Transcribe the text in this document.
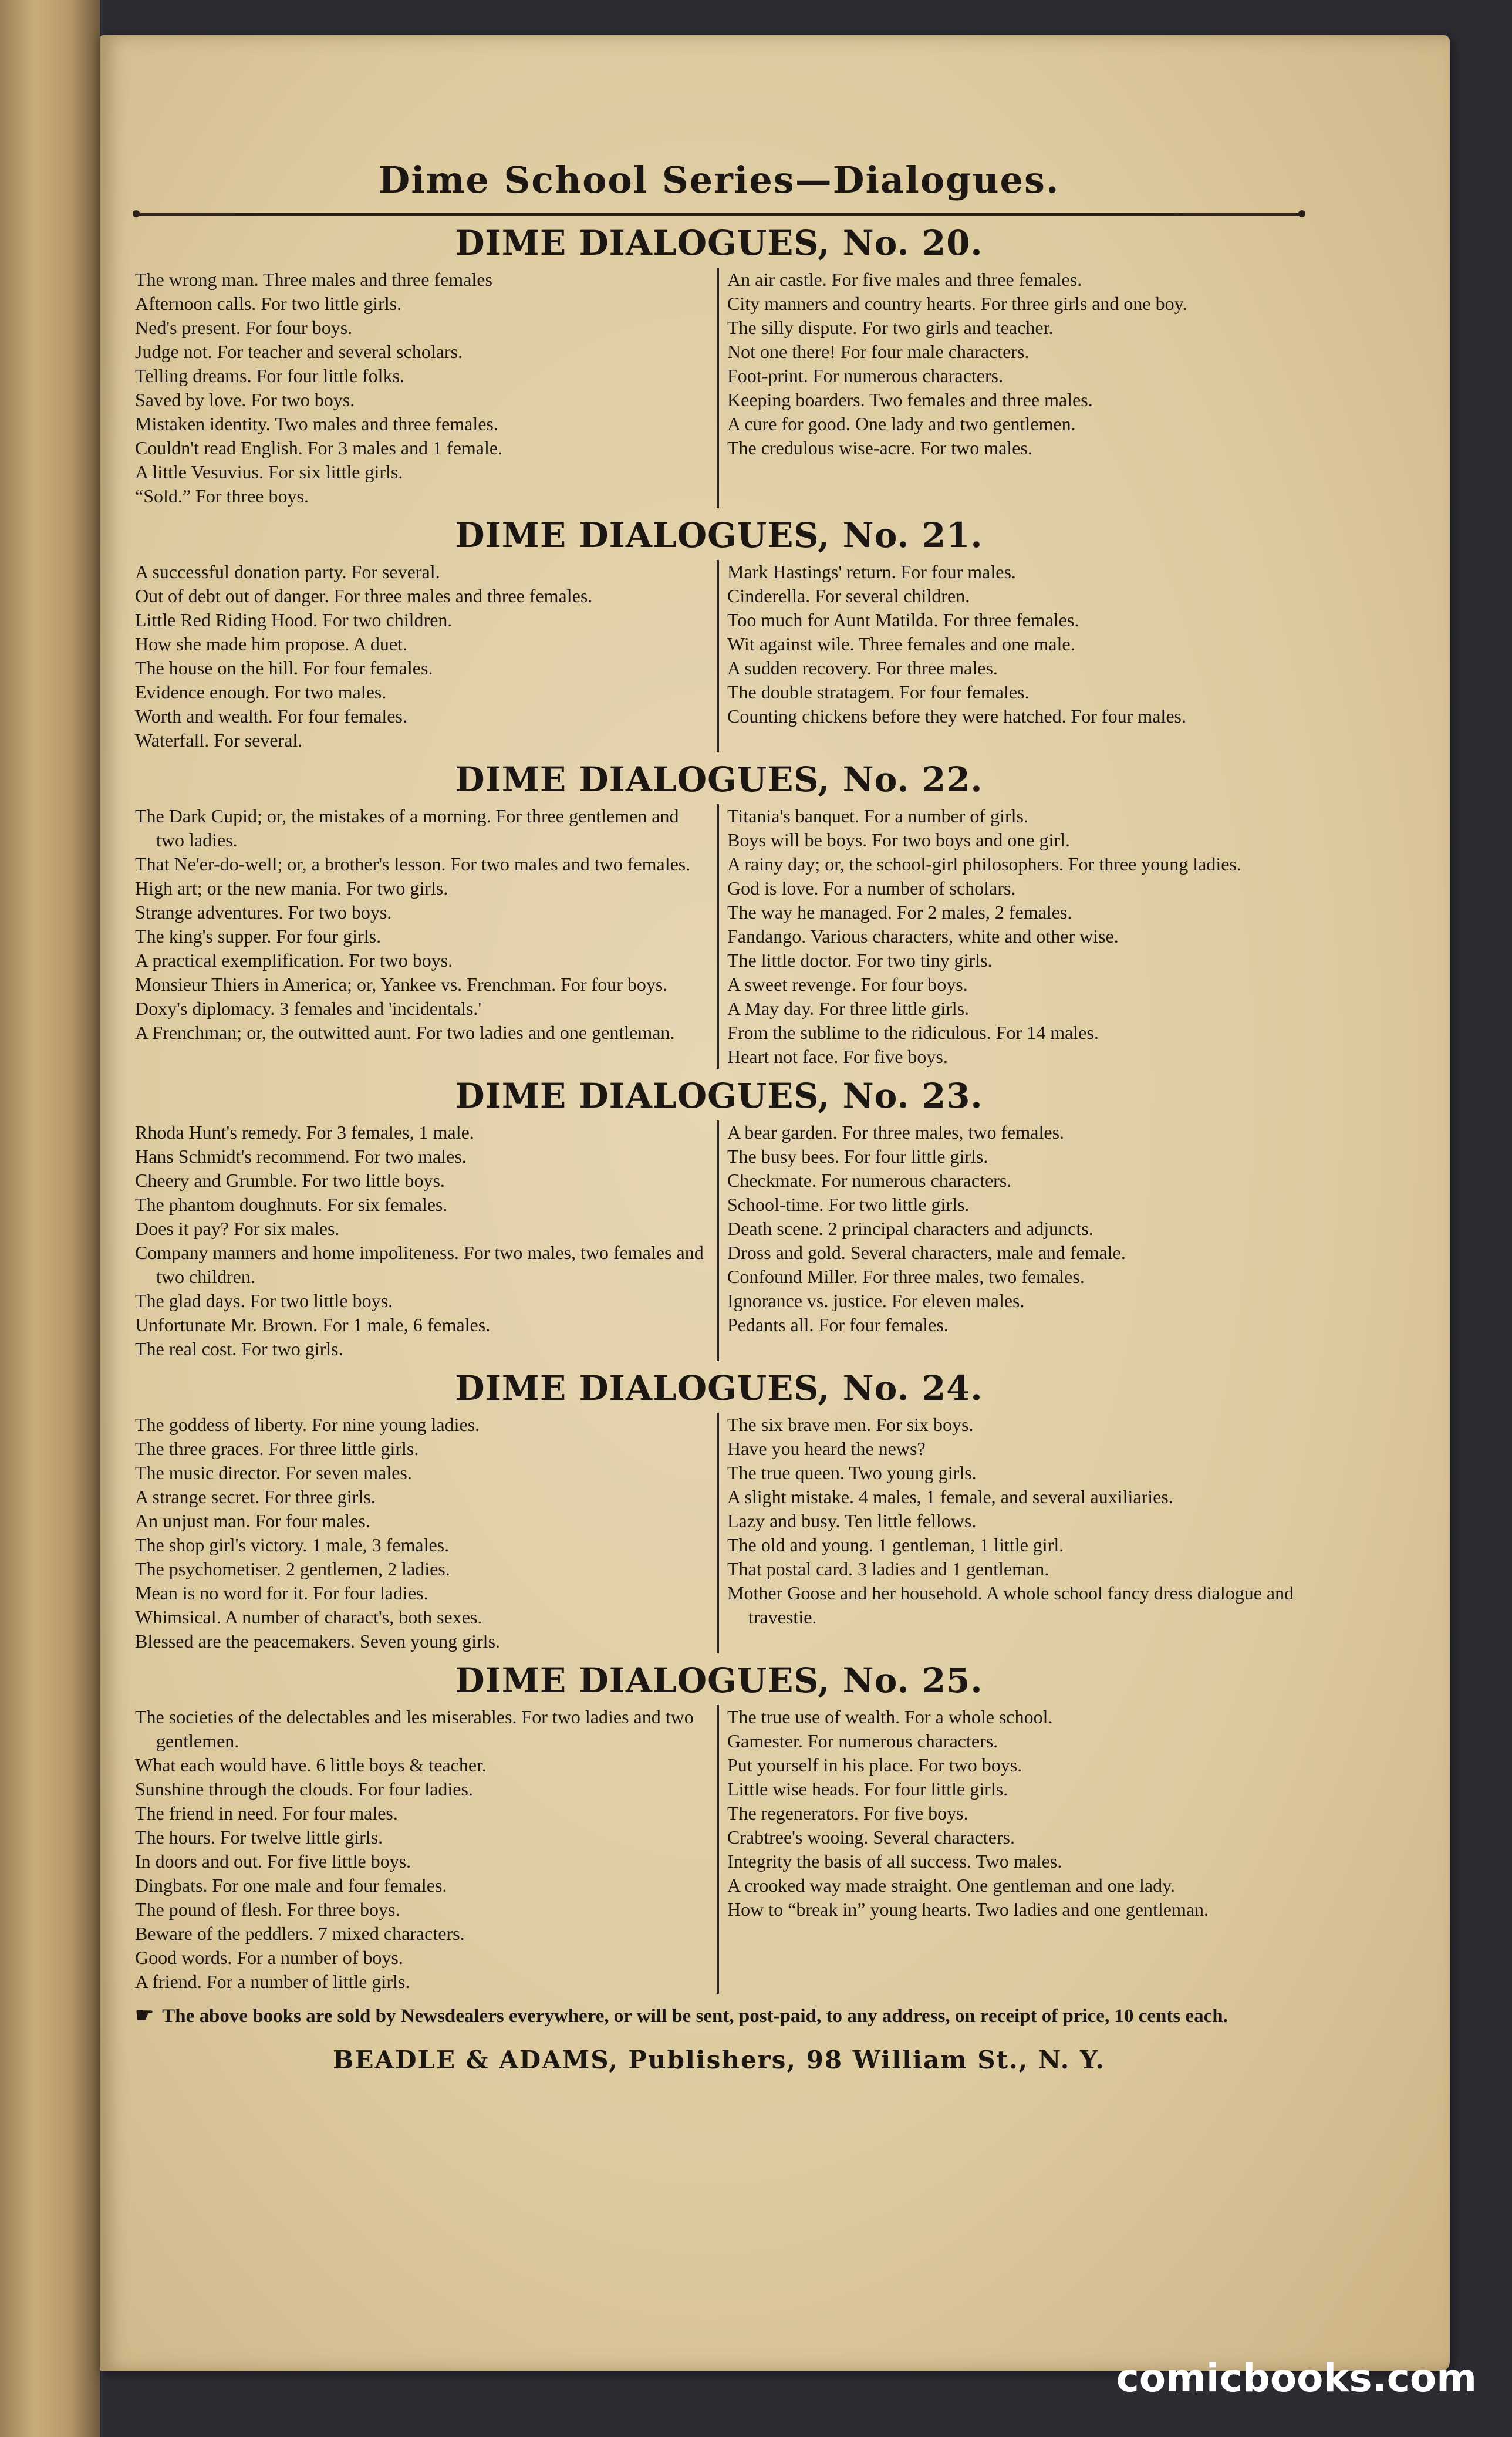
Dime School Series—Dialogues.
DIME DIALOGUES, No. 20.
The wrong man. Three males and three females
Afternoon calls. For two little girls.
Ned's present. For four boys.
Judge not. For teacher and several scholars.
Telling dreams. For four little folks.
Saved by love. For two boys.
Mistaken identity. Two males and three females.
Couldn't read English. For 3 males and 1 female.
A little Vesuvius. For six little girls.
“Sold.” For three boys.
An air castle. For five males and three females.
City manners and country hearts. For three girls and one boy.
The silly dispute. For two girls and teacher.
Not one there! For four male characters.
Foot-print. For numerous characters.
Keeping boarders. Two females and three males.
A cure for good. One lady and two gentlemen.
The credulous wise-acre. For two males.
DIME DIALOGUES, No. 21.
A successful donation party. For several.
Out of debt out of danger. For three males and three females.
Little Red Riding Hood. For two children.
How she made him propose. A duet.
The house on the hill. For four females.
Evidence enough. For two males.
Worth and wealth. For four females.
Waterfall. For several.
Mark Hastings' return. For four males.
Cinderella. For several children.
Too much for Aunt Matilda. For three females.
Wit against wile. Three females and one male.
A sudden recovery. For three males.
The double stratagem. For four females.
Counting chickens before they were hatched. For four males.
DIME DIALOGUES, No. 22.
The Dark Cupid; or, the mistakes of a morning. For three gentlemen and two ladies.
That Ne'er-do-well; or, a brother's lesson. For two males and two females.
High art; or the new mania. For two girls.
Strange adventures. For two boys.
The king's supper. For four girls.
A practical exemplification. For two boys.
Monsieur Thiers in America; or, Yankee vs. Frenchman. For four boys.
Doxy's diplomacy. 3 females and 'incidentals.'
A Frenchman; or, the outwitted aunt. For two ladies and one gentleman.
Titania's banquet. For a number of girls.
Boys will be boys. For two boys and one girl.
A rainy day; or, the school-girl philosophers. For three young ladies.
God is love. For a number of scholars.
The way he managed. For 2 males, 2 females.
Fandango. Various characters, white and other wise.
The little doctor. For two tiny girls.
A sweet revenge. For four boys.
A May day. For three little girls.
From the sublime to the ridiculous. For 14 males.
Heart not face. For five boys.
DIME DIALOGUES, No. 23.
Rhoda Hunt's remedy. For 3 females, 1 male.
Hans Schmidt's recommend. For two males.
Cheery and Grumble. For two little boys.
The phantom doughnuts. For six females.
Does it pay? For six males.
Company manners and home impoliteness. For two males, two females and two children.
The glad days. For two little boys.
Unfortunate Mr. Brown. For 1 male, 6 females.
The real cost. For two girls.
A bear garden. For three males, two females.
The busy bees. For four little girls.
Checkmate. For numerous characters.
School-time. For two little girls.
Death scene. 2 principal characters and adjuncts.
Dross and gold. Several characters, male and female.
Confound Miller. For three males, two females.
Ignorance vs. justice. For eleven males.
Pedants all. For four females.
DIME DIALOGUES, No. 24.
The goddess of liberty. For nine young ladies.
The three graces. For three little girls.
The music director. For seven males.
A strange secret. For three girls.
An unjust man. For four males.
The shop girl's victory. 1 male, 3 females.
The psychometiser. 2 gentlemen, 2 ladies.
Mean is no word for it. For four ladies.
Whimsical. A number of charact's, both sexes.
Blessed are the peacemakers. Seven young girls.
The six brave men. For six boys.
Have you heard the news?
The true queen. Two young girls.
A slight mistake. 4 males, 1 female, and several auxiliaries.
Lazy and busy. Ten little fellows.
The old and young. 1 gentleman, 1 little girl.
That postal card. 3 ladies and 1 gentleman.
Mother Goose and her household. A whole school fancy dress dialogue and travestie.
DIME DIALOGUES, No. 25.
The societies of the delectables and les miserables. For two ladies and two gentlemen.
What each would have. 6 little boys & teacher.
Sunshine through the clouds. For four ladies.
The friend in need. For four males.
The hours. For twelve little girls.
In doors and out. For five little boys.
Dingbats. For one male and four females.
The pound of flesh. For three boys.
Beware of the peddlers. 7 mixed characters.
Good words. For a number of boys.
A friend. For a number of little girls.
The true use of wealth. For a whole school.
Gamester. For numerous characters.
Put yourself in his place. For two boys.
Little wise heads. For four little girls.
The regenerators. For five boys.
Crabtree's wooing. Several characters.
Integrity the basis of all success. Two males.
A crooked way made straight. One gentleman and one lady.
How to “break in” young hearts. Two ladies and one gentleman.
☛ The above books are sold by Newsdealers everywhere, or will be sent, post-paid, to any address, on receipt of price, 10 cents each.
BEADLE & ADAMS, Publishers, 98 William St., N. Y.
comicbooks.com
